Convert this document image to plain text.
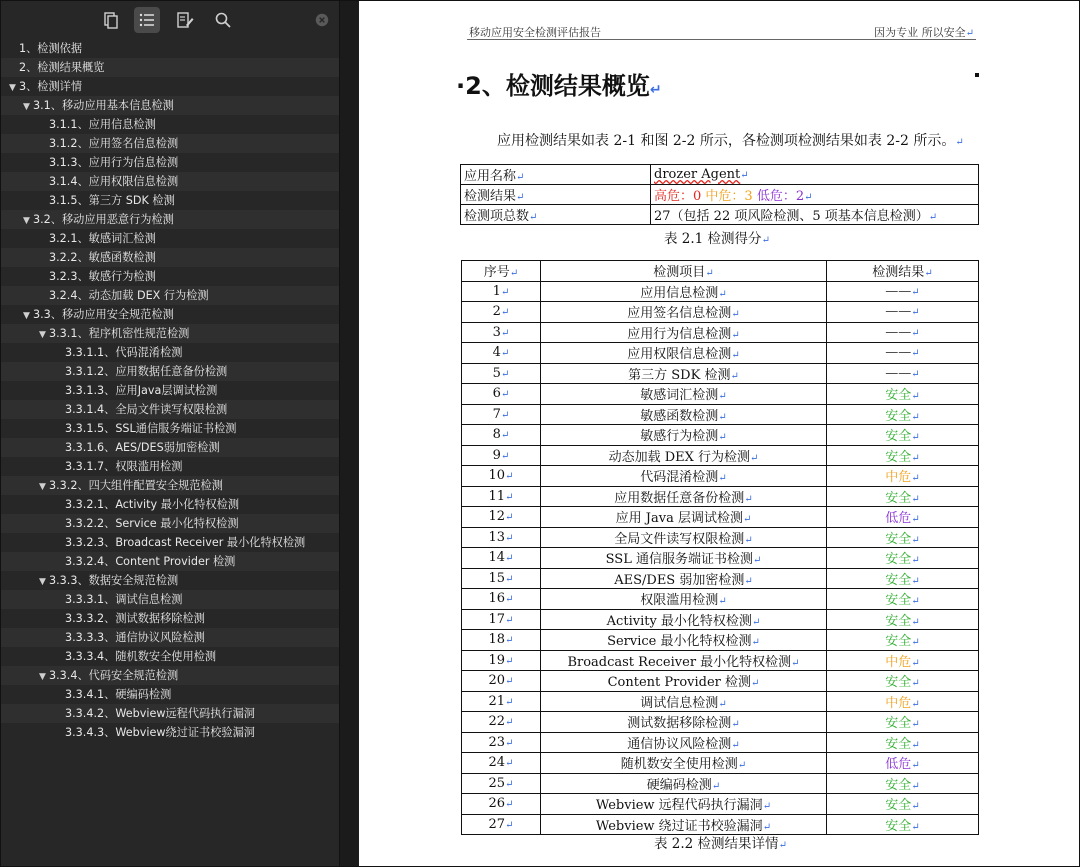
1、检测依据
2、检测结果概览
▼ 3、检测详情
▼ 3.1、移动应用基本信息检测
3.1.1、应用信息检测
3.1.2、应用签名信息检测
3.1.3、应用行为信息检测
3.1.4、应用权限信息检测
3.1.5、第三方 SDK 检测
▼ 3.2、移动应用恶意行为检测
3.2.1、敏感词汇检测
3.2.2、敏感函数检测
3.2.3、敏感行为检测
3.2.4、动态加载 DEX 行为检测
▼ 3.3、移动应用安全规范检测
▼ 3.3.1、程序机密性规范检测
3.3.1.1、代码混淆检测
3.3.1.2、应用数据任意备份检测
3.3.1.3、应用Java层调试检测
3.3.1.4、全局文件读写权限检测
3.3.1.5、SSL通信服务端证书检测
3.3.1.6、AES/DES弱加密检测
3.3.1.7、权限滥用检测
▼ 3.3.2、四大组件配置安全规范检测
3.3.2.1、Activity 最小化特权检测
3.3.2.2、Service 最小化特权检测
3.3.2.3、Broadcast Receiver 最小化特权检测
3.3.2.4、Content Provider 检测
▼ 3.3.3、数据安全规范检测
3.3.3.1、调试信息检测
3.3.3.2、测试数据移除检测
3.3.3.3、通信协议风险检测
3.3.3.4、随机数安全使用检测
▼ 3.3.4、代码安全规范检测
3.3.4.1、硬编码检测
3.3.4.2、Webview远程代码执行漏洞
3.3.4.3、Webview绕过证书校验漏洞
移动应用安全检测评估报告	因为专业 所以安全↵
·2、检测结果概览↵
应用检测结果如表 2-1 和图 2-2 所示，各检测项检测结果如表 2-2 所示。↵
应用名称↵	drozer Agent↵
检测结果↵	高危：0 中危：3 低危：2↵
检测项总数↵	27（包括 22 项风险检测、5 项基本信息检测）↵
表 2.1 检测得分↵
序号↵	检测项目↵	检测结果↵
1↵	应用信息检测↵	——↵
2↵	应用签名信息检测↵	——↵
3↵	应用行为信息检测↵	——↵
4↵	应用权限信息检测↵	——↵
5↵	第三方 SDK 检测↵	——↵
6↵	敏感词汇检测↵	安全↵
7↵	敏感函数检测↵	安全↵
8↵	敏感行为检测↵	安全↵
9↵	动态加载 DEX 行为检测↵	安全↵
10↵	代码混淆检测↵	中危↵
11↵	应用数据任意备份检测↵	安全↵
12↵	应用 Java 层调试检测↵	低危↵
13↵	全局文件读写权限检测↵	安全↵
14↵	SSL 通信服务端证书检测↵	安全↵
15↵	AES/DES 弱加密检测↵	安全↵
16↵	权限滥用检测↵	安全↵
17↵	Activity 最小化特权检测↵	安全↵
18↵	Service 最小化特权检测↵	安全↵
19↵	Broadcast Receiver 最小化特权检测↵	中危↵
20↵	Content Provider 检测↵	安全↵
21↵	调试信息检测↵	中危↵
22↵	测试数据移除检测↵	安全↵
23↵	通信协议风险检测↵	安全↵
24↵	随机数安全使用检测↵	低危↵
25↵	硬编码检测↵	安全↵
26↵	Webview 远程代码执行漏洞↵	安全↵
27↵	Webview 绕过证书校验漏洞↵	安全↵
表 2.2 检测结果详情↵
